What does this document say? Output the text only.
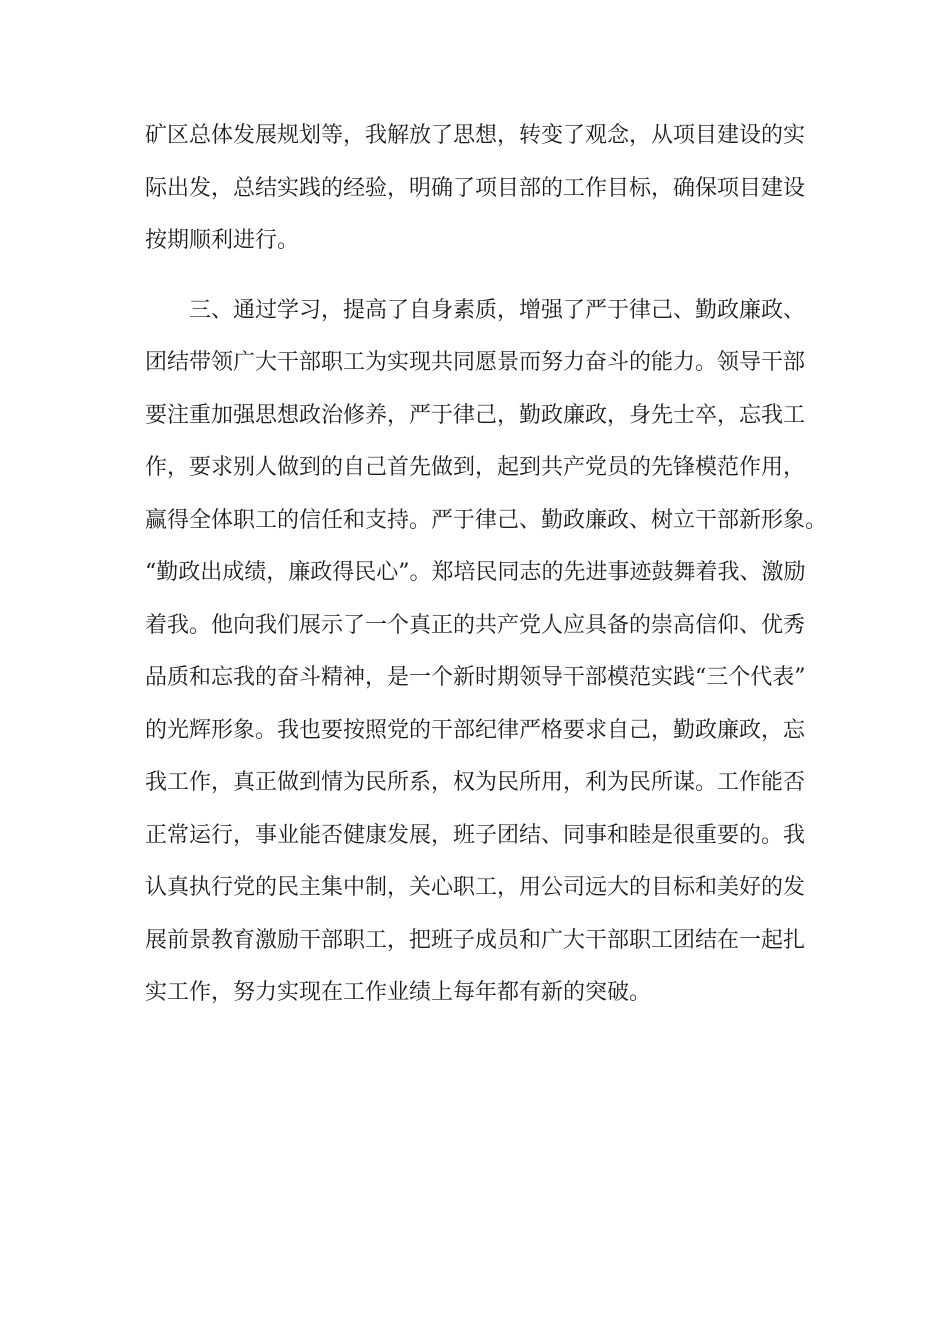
矿区总体发展规划等，我解放了思想，转变了观念，从项目建设的实

际出发，总结实践的经验，明确了项目部的工作目标，确保项目建设

按期顺利进行。

三、通过学习，提高了自身素质，增强了严于律己、勤政廉政、

团结带领广大干部职工为实现共同愿景而努力奋斗的能力。领导干部

要注重加强思想政治修养，严于律己，勤政廉政，身先士卒，忘我工

作，要求别人做到的自己首先做到，起到共产党员的先锋模范作用，

赢得全体职工的信任和支持。严于律己、勤政廉政、树立干部新形象。

“勤政出成绩，廉政得民心”。郑培民同志的先进事迹鼓舞着我、激励

着我。他向我们展示了一个真正的共产党人应具备的崇高信仰、优秀

品质和忘我的奋斗精神，是一个新时期领导干部模范实践“三个代表”

的光辉形象。我也要按照党的干部纪律严格要求自己，勤政廉政，忘

我工作，真正做到情为民所系，权为民所用，利为民所谋。工作能否

正常运行，事业能否健康发展，班子团结、同事和睦是很重要的。我

认真执行党的民主集中制，关心职工，用公司远大的目标和美好的发

展前景教育激励干部职工，把班子成员和广大干部职工团结在一起扎

实工作，努力实现在工作业绩上每年都有新的突破。
